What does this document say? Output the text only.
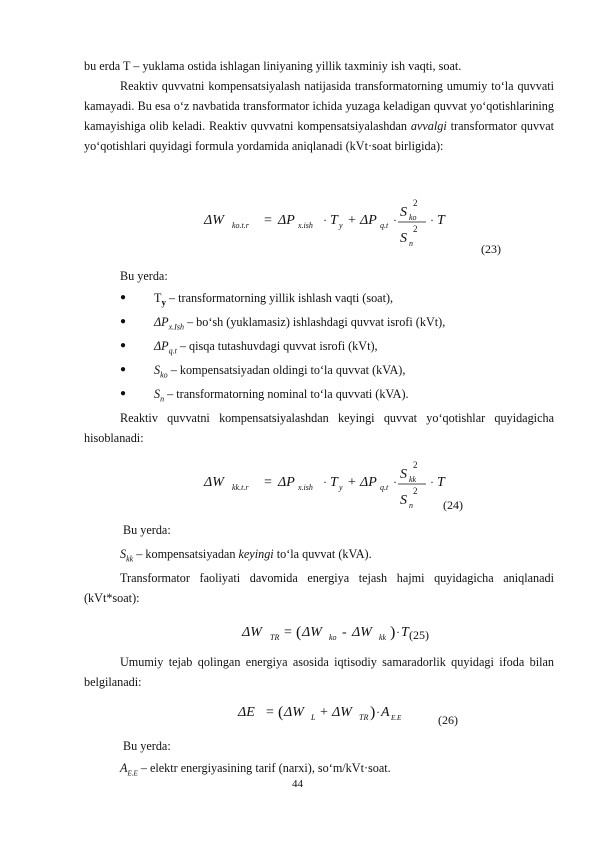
bu erda T – yuklama ostida ishlagan liniyaning yillik taxminiy ish vaqti, soat.

Reaktiv quvvatni kompensatsiyalash natijasida transformatorning umumiy to‘la quvvati kamayadi. Bu esa o‘z navbatida transformator ichida yuzaga keladigan quvvat yo‘qotishlarining kamayishiga olib keladi. Reaktiv quvvatni kompensatsiyalashdan avvalgi transformator quvvat yo‘qotishlari quyidagi formula yordamida aniqlanadi (kVt·soat birligida):

ΔW ko.t.r = ΔP x.ish · T y + ΔP q.t · S ko
2
S n
2
· T
(23)

Bu yerda:

● $T_y$ – transformatorning yillik ishlash vaqti (soat),
● $\Delta P_{x.Ish}$ – bo‘sh (yuklamasiz) ishlashdagi quvvat isrofi (kVt),
● $\Delta P_{q.t}$ – qisqa tutashuvdagi quvvat isrofi (kVt),
● $S_{ko}$ – kompensatsiyadan oldingi to‘la quvvat (kVA),
● $S_n$ – transformatorning nominal to‘la quvvati (kVA).

Reaktiv quvvatni kompensatsiyalashdan keyingi quvvat yo‘qotishlar quyidagicha hisoblanadi:

ΔW kk.t.r = ΔP x.ish · T y + ΔP q.t · S kk
2
S n
2
· T
(24)

Bu yerda:

$S_{kk}$ – kompensatsiyadan keyingi to‘la quvvat (kVA).

Transformator faoliyati davomida energiya tejash hajmi quyidagicha aniqlanadi (kVt*soat):

ΔW TR = ( ΔW ko - ΔW kk ) · T (25)

Umumiy tejab qolingan energiya asosida iqtisodiy samaradorlik quyidagi ifoda bilan belgilanadi:

ΔE = ( ΔW L + ΔW TR ) · A E.E	(26)

Bu yerda:

$A_{E.E}$ – elektr energiyasining tarif (narxi), so‘m/kVt·soat.

44
